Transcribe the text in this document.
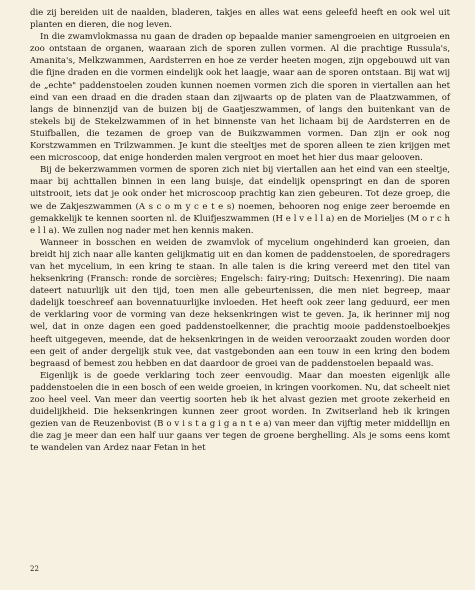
die zij bereiden uit de naalden, bladeren, takjes en alles wat eens geleefd heeft en ook wel uit planten en dieren, die nog leven.

In die zwamvlokmassa nu gaan de draden op bepaalde manier samengroeien en uitgroeien en zoo ontstaan de organen, waaraan zich de sporen zullen vormen. Al die prachtige Russula's, Amanita's, Melkzwammen, Aardsterren en hoe ze verder heeten mogen, zijn opgebouwd uit van die fijne draden en die vormen eindelijk ook het laagje, waar aan de sporen ontstaan. Bij wat wij de „echte" paddenstoelen zouden kunnen noemen vormen zich die sporen in viertallen aan het eind van een draad en die draden staan dan zijwaarts op de platen van de Plaatzwammen, of langs de binnenzijd van de buizen bij de Gaatjeszwammen, of langs den buitenkant van de stekels bij de Stekelzwammen of in het binnenste van het lichaam bij de Aardsterren en de Stuifballen, die tezamen de groep van de Buikzwammen vormen. Dan zijn er ook nog Korstzwammen en Trilzwammen. Je kunt die steeltjes met de sporen alleen te zien krijgen met een microscoop, dat enige honderden malen vergroot en moet het hier dus maar gelooven.

Bij de bekerzwammen vormen de sporen zich niet bij viertallen aan het eind van een steeltje, maar bij achttallen binnen in een lang buisje, dat eindelijk openspringt en dan de sporen uitstrooit, iets dat je ook onder het microscoop prachtig kan zien gebeuren. Tot deze groep, die we de Zakjeszwammen (A s c o m y c e t e s) noemen, behooren nog enige zeer beroemde en gemakkelijk te kennen soorten nl. de Kluifjeszwammen (H e l v e l l a) en de Morieljes (M o r c h e l l a). We zullen nog nader met hen kennis maken.

Wanneer in bosschen en weiden de zwamvlok of mycelium ongehinderd kan groeien, dan breidt hij zich naar alle kanten gelijkmatig uit en dan komen de paddenstoelen, de sporedragers van het mycelium, in een kring te staan. In alle talen is die kring vereerd met den titel van heksenkring (Fransch: ronde de sorcières; Engelsch: fairy-ring; Duitsch: Hexenring). Die naam dateert natuurlijk uit den tijd, toen men alle gebeurtenissen, die men niet begreep, maar dadelijk toeschreef aan bovennatuurlijke invloeden. Het heeft ook zeer lang geduurd, eer men de verklaring voor de vorming van deze heksenkringen wist te geven. Ja, ik herinner mij nog wel, dat in onze dagen een goed paddenstoelkenner, die prachtig mooie paddenstoelboekjes heeft uitgegeven, meende, dat de heksenkringen in de weiden veroorzaakt zouden worden door een geit of ander dergelijk stuk vee, dat vastgebonden aan een touw in een kring den bodem begraasd of bemest zou hebben en dat daardoor de groei van de paddenstoelen bepaald was.

Eigenlijk is de goede verklaring toch zeer eenvoudig. Maar dan moesten eigenlijk alle paddenstoelen die in een bosch of een weide groeien, in kringen voorkomen. Nu, dat scheelt niet zoo heel veel. Van meer dan veertig soorten heb ik het alvast gezien met groote zekerheid en duidelijkheid. Die heksenkringen kunnen zeer groot worden. In Zwitserland heb ik kringen gezien van de Reuzenbovist (B o v i s t a g i g a n t e a) van meer dan vijftig meter middellijn en die zag je meer dan een half uur gaans ver tegen de groene berghelling. Als je soms eens komt te wandelen van Ardez naar Fetan in het

22
